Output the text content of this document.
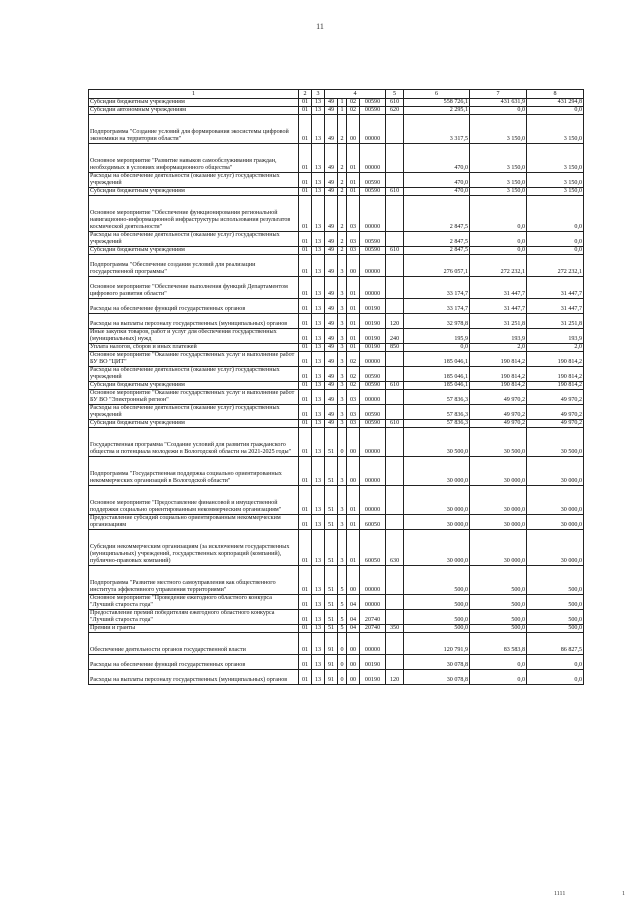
11
1	2	3	4				5	6	7	8
Субсидии бюджетным учреждениям	01	13	49	1	02	00590	610	558 726,1	431 631,9	431 294,8
Субсидии автономным учреждениям	01	13	49	1	02	00590	620	2 295,1	0,0	0,0
Подпрограмма "Создание условий для формирования экосистемы цифровой экономики на территории области"	01	13	49	2	00	00000		3 317,5	3 150,0	3 150,0
Основное мероприятие "Развитие навыков самообслуживания граждан, необходимых в условиях информационного общества"	01	13	49	2	01	00000		470,0	3 150,0	3 150,0
Расходы на обеспечение деятельности (оказание услуг) государственных учреждений	01	13	49	2	01	00590		470,0	3 150,0	3 150,0
Субсидии бюджетным учреждениям	01	13	49	2	01	00590	610	470,0	3 150,0	3 150,0
Основное мероприятие "Обеспечение функционирования региональной навигационно-информационной инфраструктуры использования результатов космической деятельности"	01	13	49	2	03	00000		2 847,5	0,0	0,0
Расходы на обеспечение деятельности (оказание услуг) государственных учреждений	01	13	49	2	03	00590		2 847,5	0,0	0,0
Субсидии бюджетным учреждениям	01	13	49	2	03	00590	610	2 847,5	0,0	0,0
Подпрограмма "Обеспечение создания условий для реализации государственной программы"	01	13	49	3	00	00000		276 057,1	272 232,1	272 232,1
Основное мероприятие "Обеспечение выполнения функций Департаментом цифрового развития области"	01	13	49	3	01	00000		33 174,7	31 447,7	31 447,7
Расходы на обеспечение функций государственных органов	01	13	49	3	01	00190		33 174,7	31 447,7	31 447,7
Расходы на выплаты персоналу государственных (муниципальных) органов	01	13	49	3	01	00190	120	32 978,8	31 251,8	31 251,8
Иные закупки товаров, работ и услуг для обеспечения государственных (муниципальных) нужд	01	13	49	3	01	00190	240	195,9	193,9	193,9
Уплата налогов, сборов и иных платежей	01	13	49	3	01	00190	850	0,0	2,0	2,0
Основное мероприятие "Оказание государственных услуг и выполнение работ БУ ВО "ЦИТ"	01	13	49	3	02	00000		185 046,1	190 814,2	190 814,2
Расходы на обеспечение деятельности (оказание услуг) государственных учреждений	01	13	49	3	02	00590		185 046,1	190 814,2	190 814,2
Субсидии бюджетным учреждениям	01	13	49	3	02	00590	610	185 046,1	190 814,2	190 814,2
Основное мероприятие "Оказание государственных услуг и выполнение работ БУ ВО "Электронный регион"	01	13	49	3	03	00000		57 836,3	49 970,2	49 970,2
Расходы на обеспечение деятельности (оказание услуг) государственных учреждений	01	13	49	3	03	00590		57 836,3	49 970,2	49 970,2
Субсидии бюджетным учреждениям	01	13	49	3	03	00590	610	57 836,3	49 970,2	49 970,2
Государственная программа "Создание условий для развития гражданского общества и потенциала молодежи в Вологодской области на 2021-2025 годы"	01	13	51	0	00	00000		30 500,0	30 500,0	30 500,0
Подпрограмма "Государственная поддержка социально ориентированных некоммерческих организаций в Вологодской области"	01	13	51	3	00	00000		30 000,0	30 000,0	30 000,0
Основное мероприятие "Предоставление финансовой и имущественной поддержки социально ориентированным некоммерческим организациям"	01	13	51	3	01	00000		30 000,0	30 000,0	30 000,0
Предоставление субсидий социально ориентированным некоммерческим организациям	01	13	51	3	01	60050		30 000,0	30 000,0	30 000,0
Субсидии некоммерческим организациям (за исключением государственных (муниципальных) учреждений, государственных корпораций (компаний), публично-правовых компаний)	01	13	51	3	01	60050	630	30 000,0	30 000,0	30 000,0
Подпрограмма "Развитие местного самоуправления как общественного института эффективного управления территориями"	01	13	51	5	00	00000		500,0	500,0	500,0
Основное мероприятие "Проведение ежегодного областного конкурса "Лучший староста года"	01	13	51	5	04	00000		500,0	500,0	500,0
Предоставление премий победителям ежегодного областного конкурса "Лучший староста года"	01	13	51	5	04	20740		500,0	500,0	500,0
Премии и гранты	01	13	51	5	04	20740	350	500,0	500,0	500,0
Обеспечение деятельности органов государственной власти	01	13	91	0	00	00000		120 791,9	83 583,8	86 827,5
Расходы на обеспечение функций государственных органов	01	13	91	0	00	00190		30 078,8	0,0	0,0
Расходы на выплаты персоналу государственных (муниципальных) органов	01	13	91	0	00	00190	120	30 078,8	0,0	0,0
1111	1
